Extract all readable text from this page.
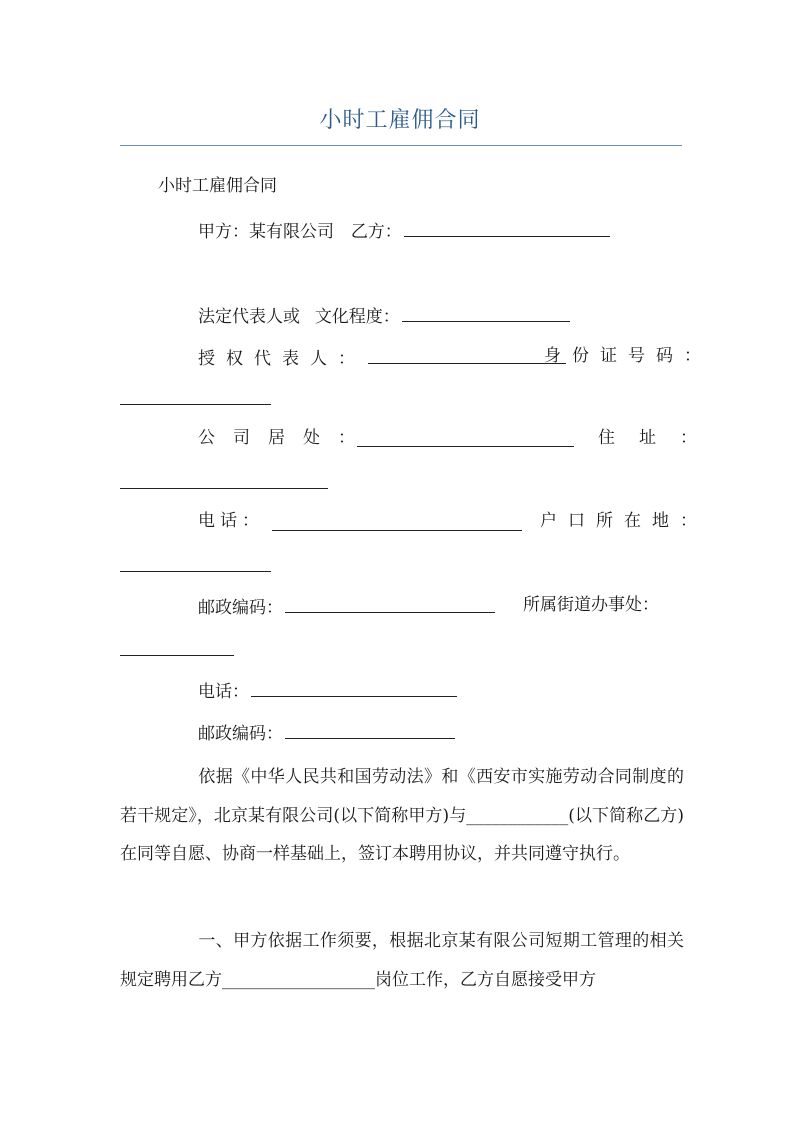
小时工雇佣合同
小时工雇佣合同
甲方：某有限公司 乙方：
法定代表人或 文化程度：
授权代表人：	身份证号码：
公司居处：	住址：
电话：	户口所在地：
邮政编码：	所属街道办事处：
电话：
邮政编码：
依据《中华人民共和国劳动法》和《西安市实施劳动合同制度的若干规定》，北京某有限公司(以下简称甲方)与____________(以下简称乙方)在同等自愿、协商一样基础上，签订本聘用协议，并共同遵守执行。
一、甲方依据工作须要，根据北京某有限公司短期工管理的相关规定聘用乙方__________________岗位工作，乙方自愿接受甲方
